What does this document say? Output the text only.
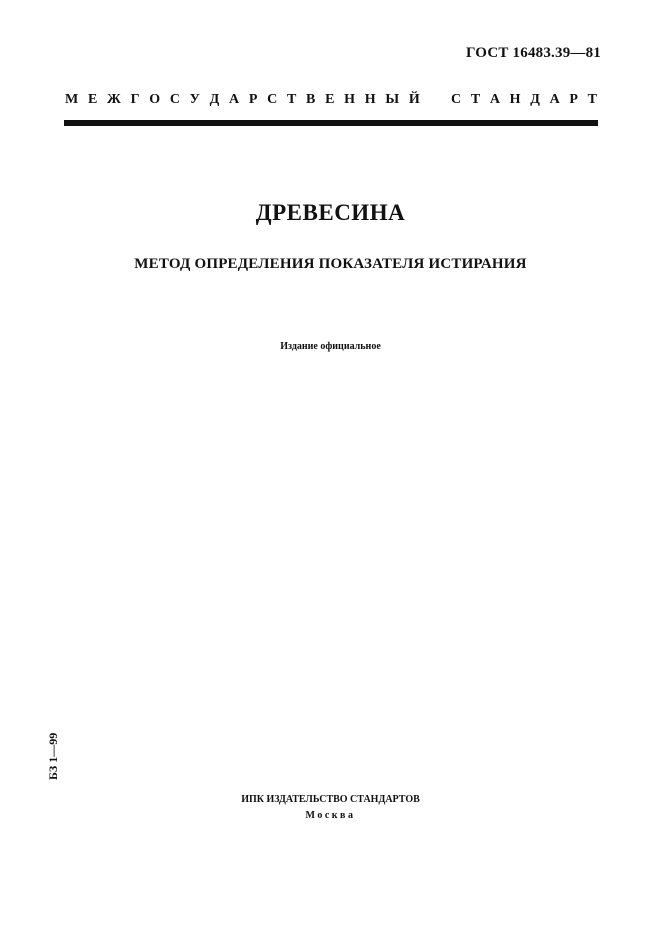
ГОСТ 16483.39—81
М Е Ж Г О С У Д А Р С Т В Е Н Н Ы Й С Т А Н Д А Р Т
ДРЕВЕСИНА
МЕТОД ОПРЕДЕЛЕНИЯ ПОКАЗАТЕЛЯ ИСТИРАНИЯ
Издание официальное
БЗ 1—99
ИПК ИЗДАТЕЛЬСТВО СТАНДАРТОВ
Москва
